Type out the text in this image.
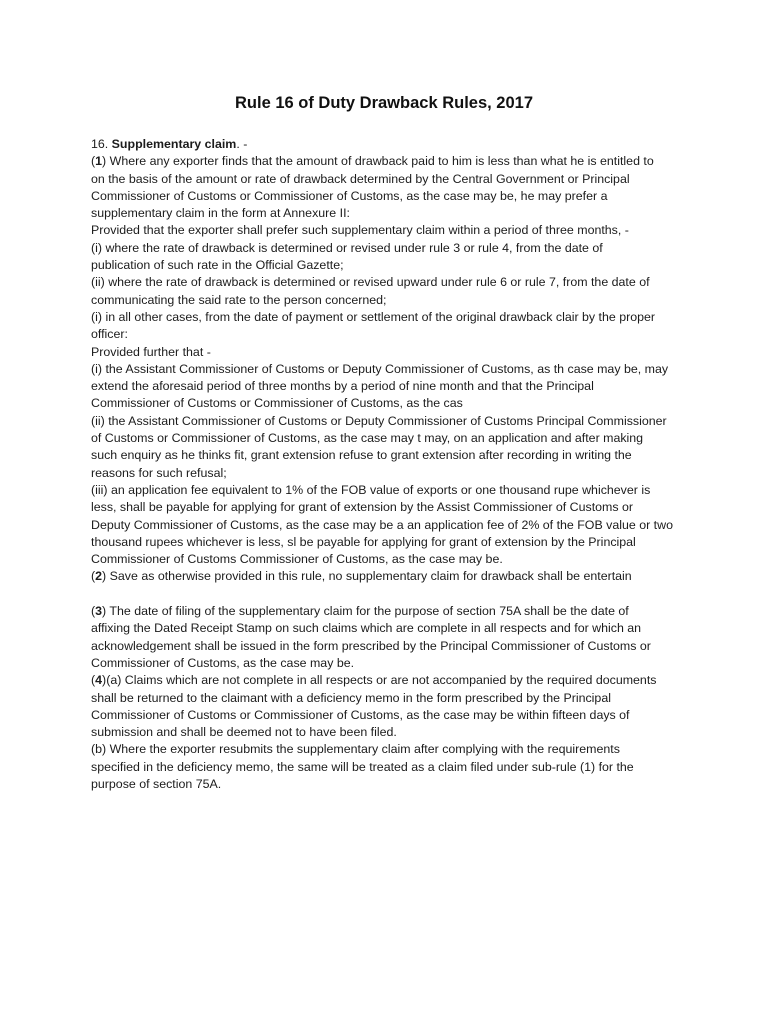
Rule 16 of Duty Drawback Rules, 2017
16. Supplementary claim. -
(1) Where any exporter finds that the amount of drawback paid to him is less than what he is entitled to
on the basis of the amount or rate of drawback determined by the Central Government or Principal
Commissioner of Customs or Commissioner of Customs, as the case may be, he may prefer a
supplementary claim in the form at Annexure II:
Provided that the exporter shall prefer such supplementary claim within a period of three months, -
(i) where the rate of drawback is determined or revised under rule 3 or rule 4, from the date of
publication of such rate in the Official Gazette;
(ii) where the rate of drawback is determined or revised upward under rule 6 or rule 7, from the date of
communicating the said rate to the person concerned;
(i) in all other cases, from the date of payment or settlement of the original drawback clair by the proper
officer:
Provided further that -
(i) the Assistant Commissioner of Customs or Deputy Commissioner of Customs, as th case may be, may
extend the aforesaid period of three months by a period of nine month and that the Principal
Commissioner of Customs or Commissioner of Customs, as the cas
(ii) the Assistant Commissioner of Customs or Deputy Commissioner of Customs Principal Commissioner
of Customs or Commissioner of Customs, as the case may t may, on an application and after making
such enquiry as he thinks fit, grant extension refuse to grant extension after recording in writing the
reasons for such refusal;
(iii) an application fee equivalent to 1% of the FOB value of exports or one thousand rupe whichever is
less, shall be payable for applying for grant of extension by the Assist Commissioner of Customs or
Deputy Commissioner of Customs, as the case may be a an application fee of 2% of the FOB value or two
thousand rupees whichever is less, sl be payable for applying for grant of extension by the Principal
Commissioner of Customs Commissioner of Customs, as the case may be.
(2) Save as otherwise provided in this rule, no supplementary claim for drawback shall be entertain
(3) The date of filing of the supplementary claim for the purpose of section 75A shall be the date of
affixing the Dated Receipt Stamp on such claims which are complete in all respects and for which an
acknowledgement shall be issued in the form prescribed by the Principal Commissioner of Customs or
Commissioner of Customs, as the case may be.
(4)(a) Claims which are not complete in all respects or are not accompanied by the required documents
shall be returned to the claimant with a deficiency memo in the form prescribed by the Principal
Commissioner of Customs or Commissioner of Customs, as the case may be within fifteen days of
submission and shall be deemed not to have been filed.
(b) Where the exporter resubmits the supplementary claim after complying with the requirements
specified in the deficiency memo, the same will be treated as a claim filed under sub-rule (1) for the
purpose of section 75A.
